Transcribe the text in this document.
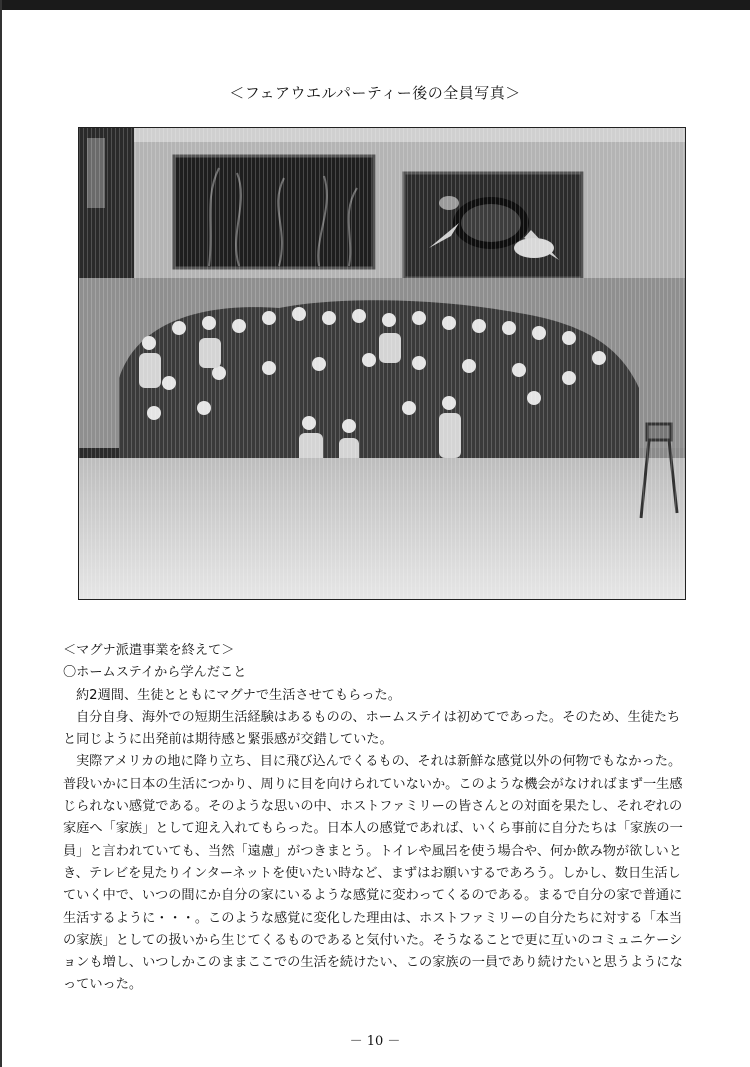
＜フェアウエルパーティー後の全員写真＞

＜マグナ派遣事業を終えて＞

〇ホームステイから学んだこと

約2週間、生徒とともにマグナで生活させてもらった。

自分自身、海外での短期生活経験はあるものの、ホームステイは初めてであった。そのため、生徒たちと同じように出発前は期待感と緊張感が交錯していた。

実際アメリカの地に降り立ち、目に飛び込んでくるもの、それは新鮮な感覚以外の何物でもなかった。普段いかに日本の生活につかり、周りに目を向けられていないか。このような機会がなければまず一生感じられない感覚である。そのような思いの中、ホストファミリーの皆さんとの対面を果たし、それぞれの家庭へ「家族」として迎え入れてもらった。日本人の感覚であれば、いくら事前に自分たちは「家族の一員」と言われていても、当然「遠慮」がつきまとう。トイレや風呂を使う場合や、何か飲み物が欲しいとき、テレビを見たりインターネットを使いたい時など、まずはお願いするであろう。しかし、数日生活していく中で、いつの間にか自分の家にいるような感覚に変わってくるのである。まるで自分の家で普通に生活するように・・・。このような感覚に変化した理由は、ホストファミリーの自分たちに対する「本当の家族」としての扱いから生じてくるものであると気付いた。そうなることで更に互いのコミュニケーションも増し、いつしかこのままここでの生活を続けたい、この家族の一員であり続けたいと思うようになっていった。

－ 10 －
